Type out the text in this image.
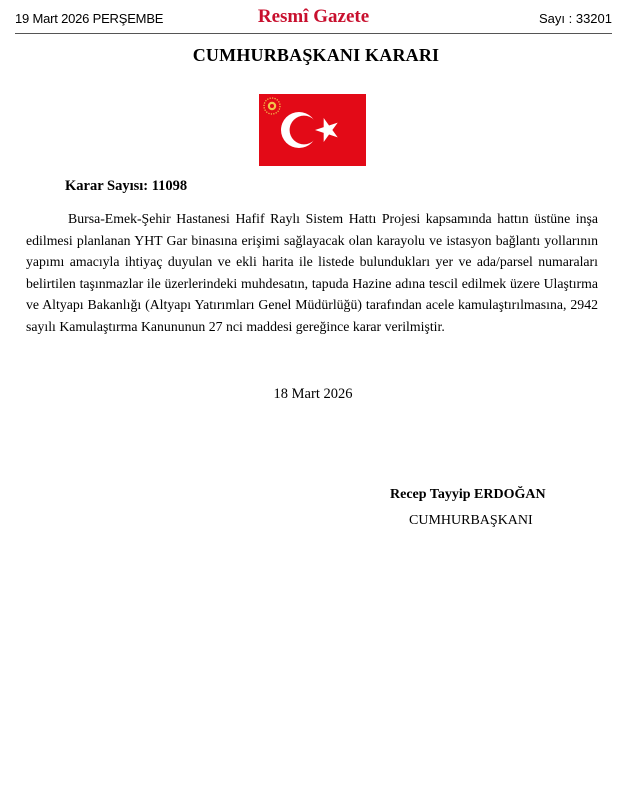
19 Mart 2026 PERŞEMBE	Resmî Gazete	Sayı : 33201
CUMHURBAŞKANI KARARI
Karar Sayısı: 11098

Bursa-Emek-Şehir Hastanesi Hafif Raylı Sistem Hattı Projesi kapsamında hattın üstüne inşa edilmesi planlanan YHT Gar binasına erişimi sağlayacak olan karayolu ve istasyon bağlantı yollarının yapımı amacıyla ihtiyaç duyulan ve ekli harita ile listede bulundukları yer ve ada/parsel numaraları belirtilen taşınmazlar ile üzerlerindeki muhdesatın, tapuda Hazine adına tescil edilmek üzere Ulaştırma ve Altyapı Bakanlığı (Altyapı Yatırımları Genel Müdürlüğü) tarafından acele kamulaştırılmasına, 2942 sayılı Kamulaştırma Kanununun 27 nci maddesi gereğince karar verilmiştir.

18 Mart 2026
Recep Tayyip ERDOĞAN
CUMHURBAŞKANI
